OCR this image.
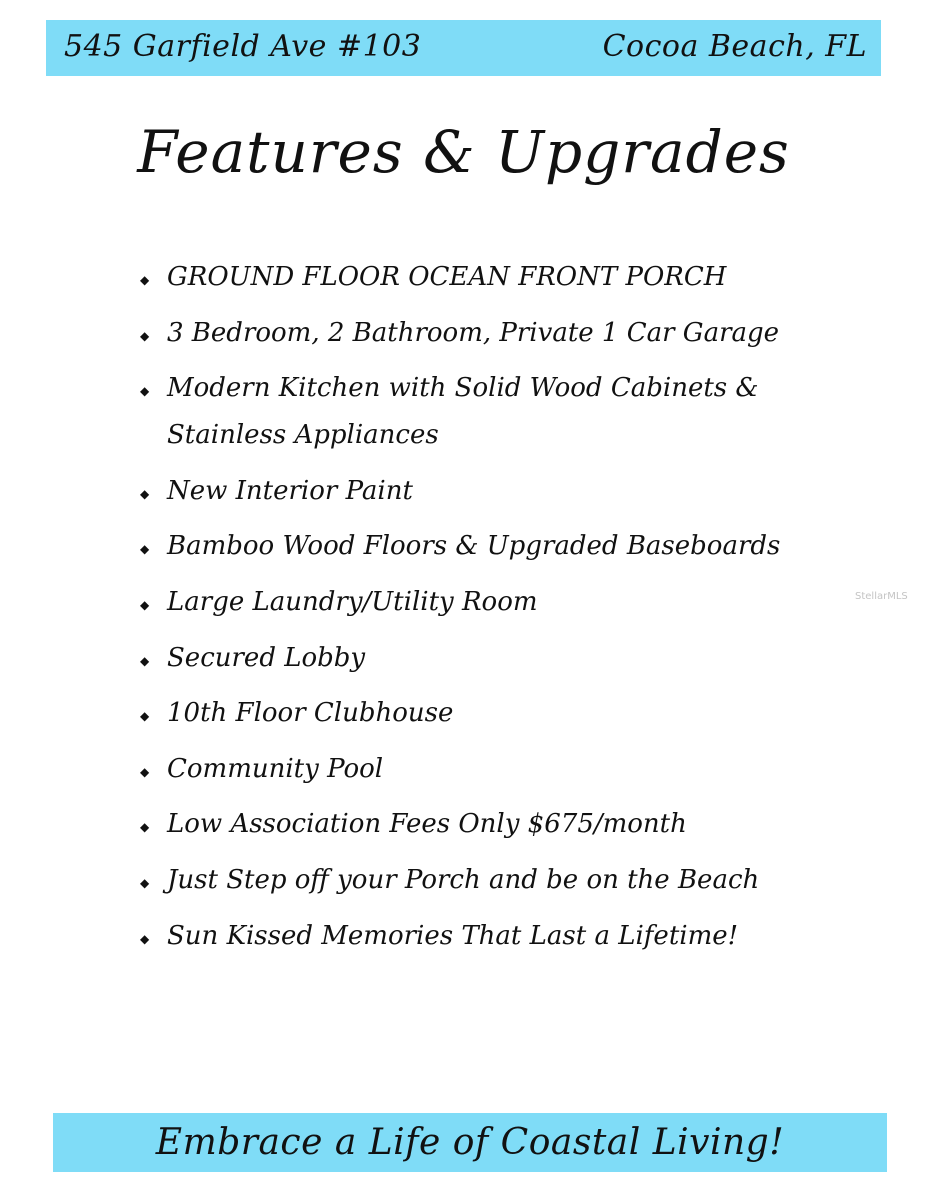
545 Garfield Ave #103	Cocoa Beach, FL
Features & Upgrades
◆ GROUND FLOOR OCEAN FRONT PORCH
◆ 3 Bedroom, 2 Bathroom, Private 1 Car Garage
◆ Modern Kitchen with Solid Wood Cabinets &
Stainless Appliances
◆ New Interior Paint
◆ Bamboo Wood Floors & Upgraded Baseboards
◆ Large Laundry/Utility Room
◆ Secured Lobby
◆ 10th Floor Clubhouse
◆ Community Pool
◆ Low Association Fees Only $675/month
◆ Just Step off your Porch and be on the Beach
◆ Sun Kissed Memories That Last a Lifetime!
StellarMLS
Embrace a Life of Coastal Living!
